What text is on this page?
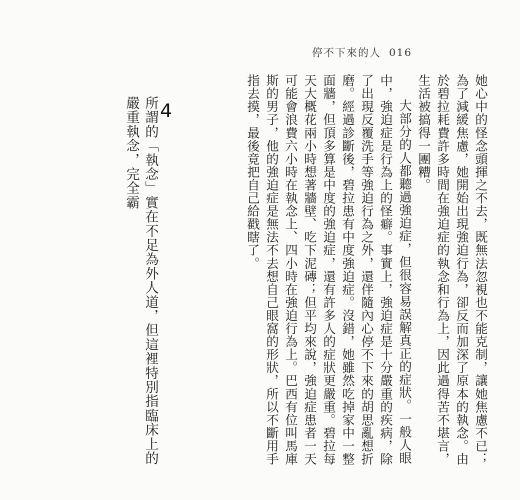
停不下來的人 016
她心中的怪念頭揮之不去，既無法忽視也不能克制，讓她焦慮不已；為了減緩焦慮，她開始出現強迫行為，卻反而加深了原本的執念。由於碧拉耗費許多時間在強迫症的執念和行為上，因此過得苦不堪言，生活被搞得一團糟。
大部分的人都聽過強迫症，但很容易誤解真正的症狀。一般人眼中，強迫症是行為上的怪癖。事實上，強迫症是十分嚴重的疾病，除了出現反覆洗手等強迫行為之外，還伴隨內心停不下來的胡思亂想折磨。經過診斷後，碧拉患有中度強迫症。沒錯，她雖然吃掉家中一整面牆，但頂多算是中度的強迫症，還有許多人的症狀更嚴重。碧拉每天大概花兩小時想著牆壁、吃下泥磚；但平均來說，強迫症患者一天可能會浪費六小時在執念上、四小時在強迫行為上。巴西有位叫馬庫斯的男子，他的強迫症是無法不去想自己眼窩的形狀，所以不斷用手指去摸，最後竟把自己給戳瞎了。
4
所謂的「執念」實在不足為外人道，但這裡特別指臨床上的嚴重執念，完全霸
